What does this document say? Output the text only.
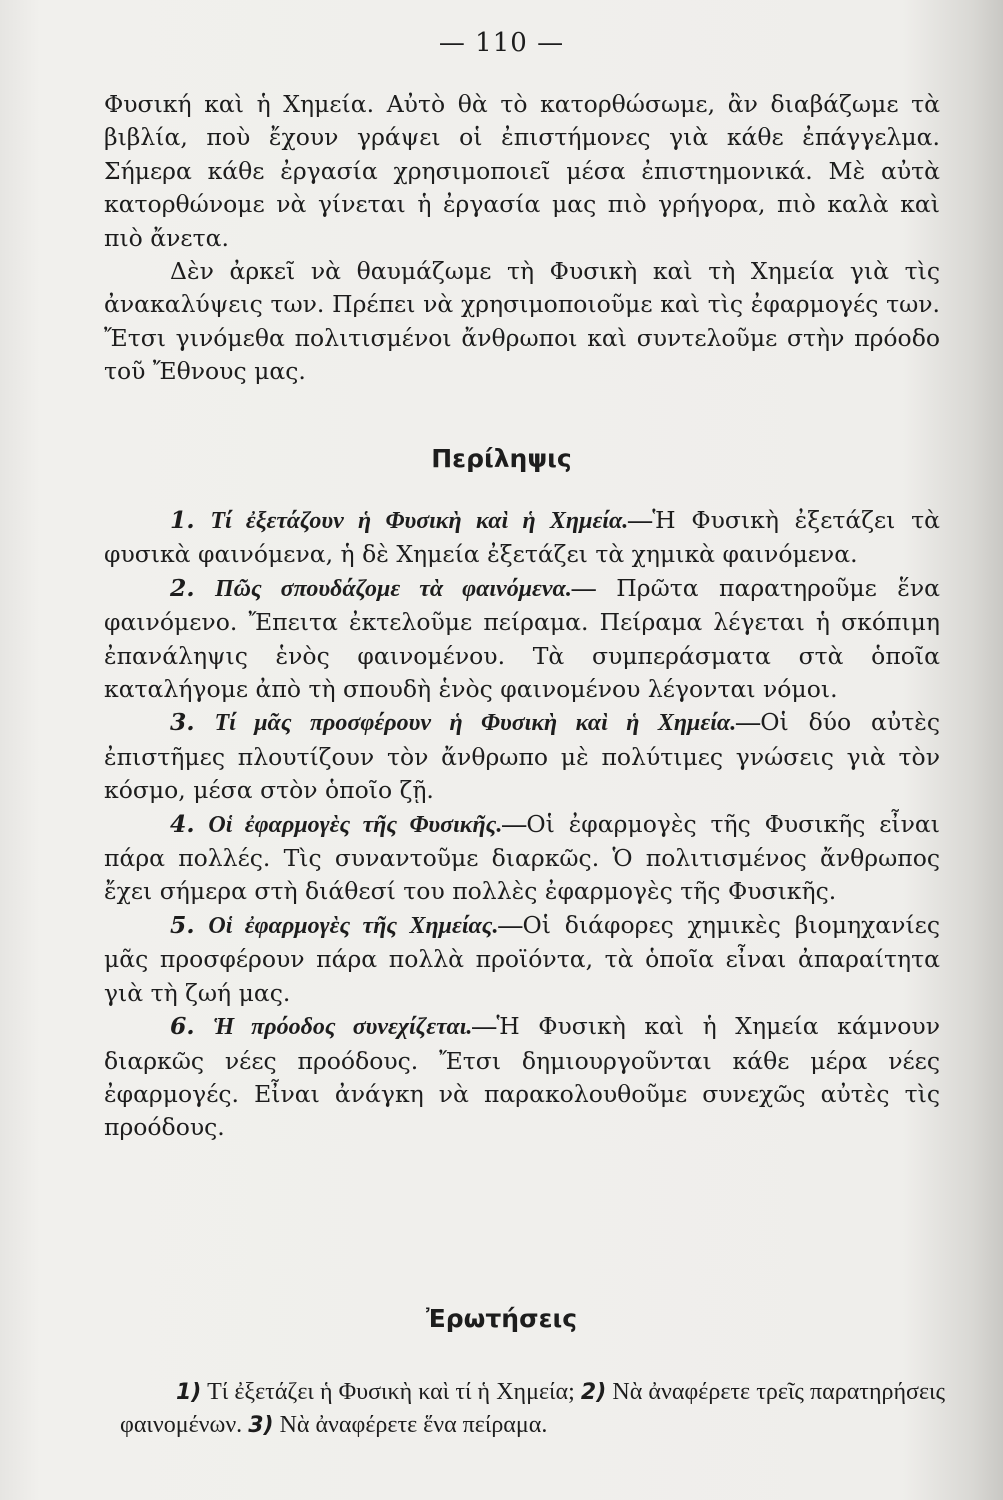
— 110 —

Φυσική καὶ ἡ Χημεία. Αὐτὸ θὰ τὸ κατορθώσωμε, ἂν διαβάζωμε τὰ βιβλία, ποὺ ἔχουν γράψει οἱ ἐπιστήμονες γιὰ κάθε ἐπάγγελμα. Σήμερα κάθε ἐργασία χρησιμοποιεῖ μέσα ἐπιστημονικά. Μὲ αὐτὰ κατορθώνομε νὰ γίνεται ἡ ἐργασία μας πιὸ γρήγορα, πιὸ καλὰ καὶ πιὸ ἄνετα.

Δὲν ἀρκεῖ νὰ θαυμάζωμε τὴ Φυσικὴ καὶ τὴ Χημεία γιὰ τὶς ἀνακαλύψεις των. Πρέπει νὰ χρησιμοποιοῦμε καὶ τὶς ἐφαρμογές των. Ἔτσι γινόμεθα πολιτισμένοι ἄνθρωποι καὶ συντελοῦμε στὴν πρόοδο τοῦ Ἔθνους μας.

Περίληψις

1. Τί ἐξετάζουν ἡ Φυσικὴ καὶ ἡ Χημεία.—Ἡ Φυσικὴ ἐξετάζει τὰ φυσικὰ φαινόμενα, ἡ δὲ Χημεία ἐξετάζει τὰ χημικὰ φαινόμενα.

2. Πῶς σπουδάζομε τὰ φαινόμενα.— Πρῶτα παρατηροῦμε ἕνα φαινόμενο. Ἔπειτα ἐκτελοῦμε πείραμα. Πείραμα λέγεται ἡ σκόπιμη ἐπανάληψις ἑνὸς φαινομένου. Τὰ συμπεράσματα στὰ ὁποῖα καταλήγομε ἀπὸ τὴ σπουδὴ ἑνὸς φαινομένου λέγονται νόμοι.

3. Τί μᾶς προσφέρουν ἡ Φυσικὴ καὶ ἡ Χημεία.—Οἱ δύο αὐτὲς ἐπιστῆμες πλουτίζουν τὸν ἄνθρωπο μὲ πολύτιμες γνώσεις γιὰ τὸν κόσμο, μέσα στὸν ὁποῖο ζῇ.

4. Οἱ ἐφαρμογὲς τῆς Φυσικῆς.—Οἱ ἐφαρμογὲς τῆς Φυσικῆς εἶναι πάρα πολλές. Τὶς συναντοῦμε διαρκῶς. Ὁ πολιτισμένος ἄνθρωπος ἔχει σήμερα στὴ διάθεσί του πολλὲς ἐφαρμογὲς τῆς Φυσικῆς.

5. Οἱ ἐφαρμογὲς τῆς Χημείας.—Οἱ διάφορες χημικὲς βιομηχανίες μᾶς προσφέρουν πάρα πολλὰ προϊόντα, τὰ ὁποῖα εἶναι ἀπαραίτητα γιὰ τὴ ζωή μας.

6. Ἡ πρόοδος συνεχίζεται.—Ἡ Φυσικὴ καὶ ἡ Χημεία κάμνουν διαρκῶς νέες προόδους. Ἔτσι δημιουργοῦνται κάθε μέρα νέες ἐφαρμογές. Εἶναι ἀνάγκη νὰ παρακολουθοῦμε συνεχῶς αὐτὲς τὶς προόδους.

Ἐρωτήσεις
1) Τί ἐξετάζει ἡ Φυσικὴ καὶ τί ἡ Χημεία; 2) Νὰ ἀναφέρετε τρεῖς παρατηρήσεις φαινομένων. 3) Νὰ ἀναφέρετε ἕνα πείραμα.
